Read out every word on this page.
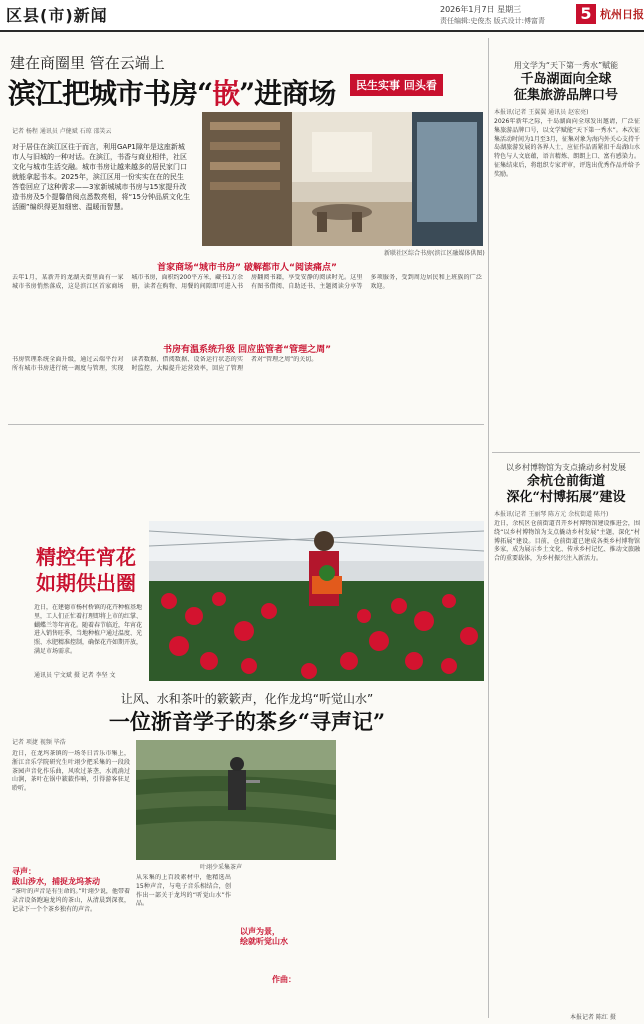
区县(市)新闻	2026年1月7日 星期三
责任编辑:史俊杰 版式设计:傅富青 5 杭州日报
建在商圈里 管在云端上
滨江把城市书房“嵌”进商场	民生实事 回头看
记者 杨程 通讯员 卢健斌 石琼 邵笑云
对于居住在滨江区往于而言，利用GAP1隙年是这座新城市人与旧城的一种对话。在滨江，书香与商业相伴，社区文化与城市生活交融。城市书房让越来越多的居民家门口就能拿起书本。2025年，滨江区用一份实实在在的民生答卷回应了这种需求——3家新城城市书房与15家提升改造书房及5个提馨借阅点悉数亮相，将“15分钟品质文化生活圈”编织得更加细密、温暖而智慧。
新联社区综合书房(滨江区融媒体供图)
首家商场“城市书房” 破解都市人“阅读痛点”
去年1月，某新开的龙湖天街里面有一家城市书房悄然落成，这是滨江区首家商场城市书房，面积约200平方米，藏书1万余册，读者在购物、用餐的间隙即可进入书房翻阅书籍，享受安静的阅读时光。这里有图书借阅、自助还书、主题阅读分享等多项服务，受到周边居民和上班族的广泛欢迎。
书房有温系统升级 回应监管者“管理之周”
书房管理系统全面升级，通过云端平台对所有城市书房进行统一调度与管理，实现读者数据、借阅数据、设备运行状态的实时监控，大幅提升运营效率，回应了管理者对“管理之周”的关切。
精控年宵花
如期供出圈
近日，在建德市杨村桥镇的花卉种植基地里，工人们正忙着打理即将上市的红掌、蝴蝶兰等年宵花。随着春节临近，年宵花进入销售旺季，当地种植户通过温度、光照、水肥精准控制，确保花卉如期开放，满足市场需求。
通讯员 宁文斌 摄 记者 李坚 文
让风、水和茶叶的簌簌声，化作龙坞“听觉山水”
一位浙音学子的茶乡“寻声记”
记者 项捷 视频 毕浩
近日，在龙坞茶镇的一场冬日音乐市集上，浙江音乐学院研究生叶翊少把采集的一段段茶园声音化作乐曲，风吹过茶垄，水流淌过山涧，茶叶在锅中簌簌作响，引得游客驻足聆听。
寻声：
跋山涉水，捕捉龙坞茶动
“茶叶的声音是有生命的。”叶翊少说，他带着录音设备跑遍龙坞的茶山，从清晨到深夜，记录下一个个茶乡独有的声音。
叶翊少采集茶声
从采集的上百段素材中，他精选出15种声音，与电子音乐相结合，创作出一部关于龙坞的“听觉山水”作品。
以声为景，
绘就听觉山水
作曲：
用文学为“天下第一秀水”赋能
千岛湖面向全球
征集旅游品牌口号
本报讯(记者 王翼翼 通讯员 赵宏亮)
2026年新年之际，千岛湖面向全球发出邀请，广泛征集旅游品牌口号，以文学赋能“天下第一秀水”。本次征集活动时间为1月至3月，征集对象为海内外关心支持千岛湖旅游发展的各界人士，应征作品需紧扣千岛湖山水特色与人文底蕴，语言精炼、朗朗上口、富有感染力。征集结束后，将组织专家评审，评选出优秀作品并给予奖励。
以乡村博物馆为支点撬动乡村发展
余杭仓前街道
深化“村博拓展”建设
本报讯(记者 王丽琴 陈方元 余杭街道 陈丹)
近日，余杭区仓前街道召开乡村博物馆建设推进会，围绕“以乡村博物馆为支点撬动乡村发展”主题，深化“村博拓展”建设。目前，仓前街道已建成各类乡村博物馆多家，成为展示乡土文化、传承乡村记忆、推动文旅融合的重要载体，为乡村振兴注入新活力。
本报记者 陈红 摄
